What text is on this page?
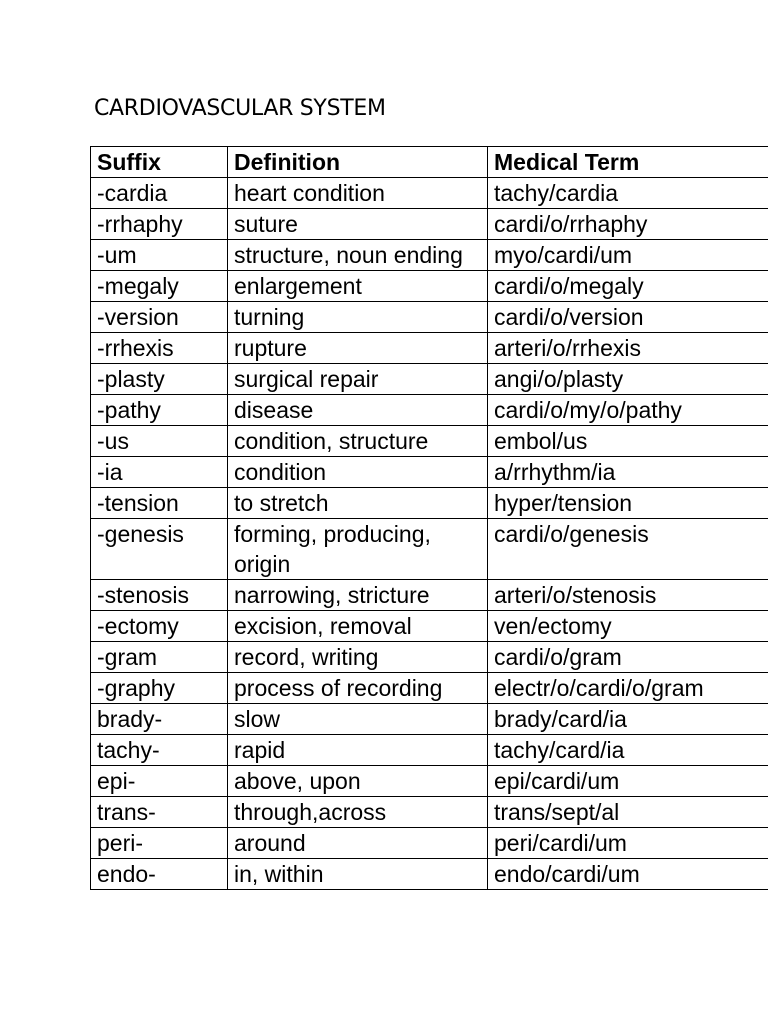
CARDIOVASCULAR SYSTEM
Suffix	Definition	Medical Term
-cardia	heart condition	tachy/cardia
-rrhaphy	suture	cardi/o/rrhaphy
-um	structure, noun ending	myo/cardi/um
-megaly	enlargement	cardi/o/megaly
-version	turning	cardi/o/version
-rrhexis	rupture	arteri/o/rrhexis
-plasty	surgical repair	angi/o/plasty
-pathy	disease	cardi/o/my/o/pathy
-us	condition, structure	embol/us
-ia	condition	a/rrhythm/ia
-tension	to stretch	hyper/tension
-genesis	forming, producing, origin	cardi/o/genesis
-stenosis	narrowing, stricture	arteri/o/stenosis
-ectomy	excision, removal	ven/ectomy
-gram	record, writing	cardi/o/gram
-graphy	process of recording	electr/o/cardi/o/gram
brady-	slow	brady/card/ia
tachy-	rapid	tachy/card/ia
epi-	above, upon	epi/cardi/um
trans-	through,across	trans/sept/al
peri-	around	peri/cardi/um
endo-	in, within	endo/cardi/um
